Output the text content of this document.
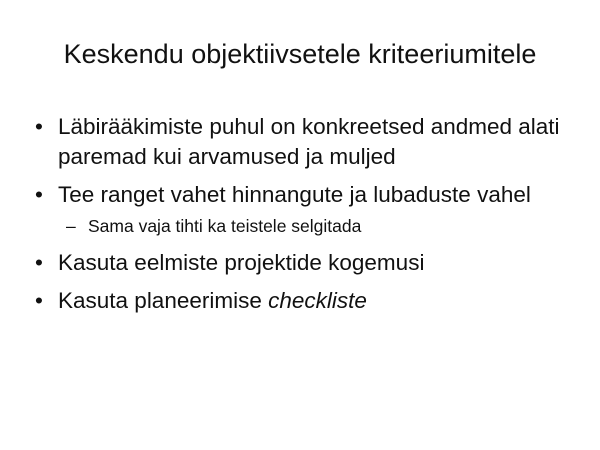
Keskendu objektiivsetele kriteeriumitele
• Läbirääkimiste puhul on konkreetsed andmed alati paremad kui arvamused ja muljed
• Tee ranget vahet hinnangute ja lubaduste vahel
– Sama vaja tihti ka teistele selgitada
• Kasuta eelmiste projektide kogemusi
• Kasuta planeerimise checkliste
